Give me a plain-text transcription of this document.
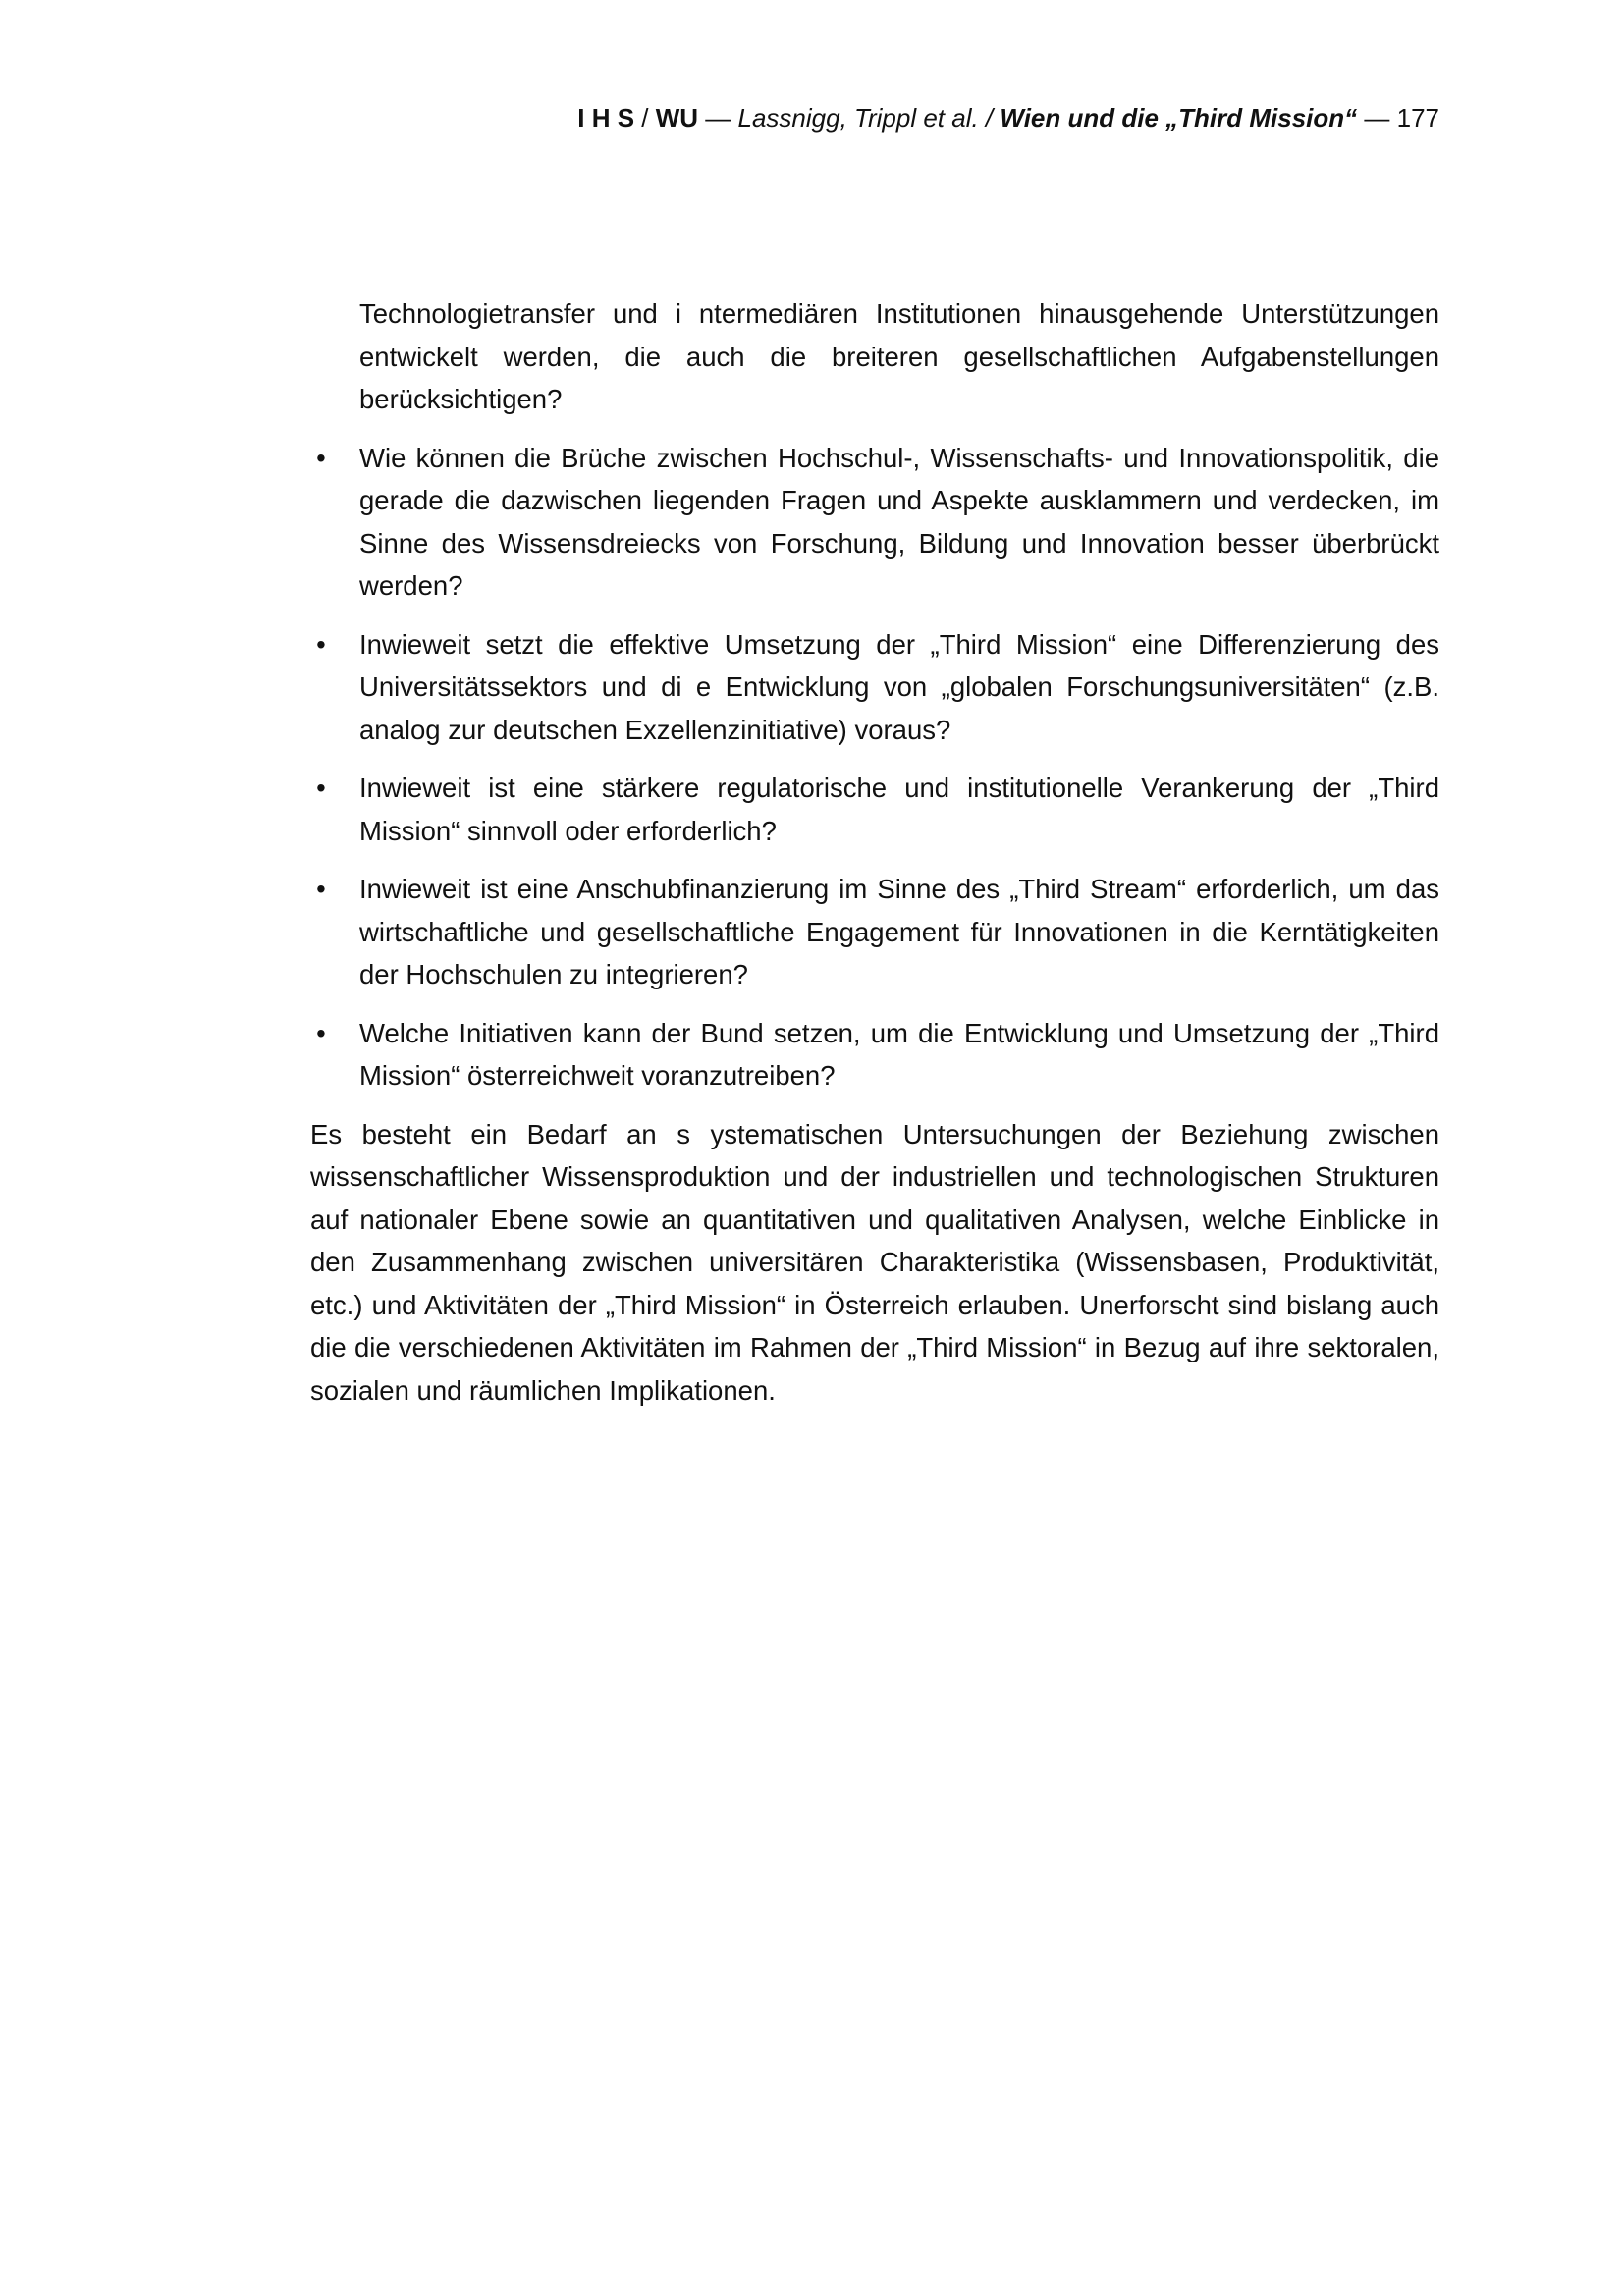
I H S / WU — Lassnigg, Trippl et al. / Wien und die „Third Mission“ — 177

Technologietransfer und i ntermediären Institutionen hinausgehende Unterstützungen entwickelt werden, die auch die breiteren gesellschaftlichen Aufgabenstellungen berücksichtigen?

• Wie können die Brüche zwischen Hochschul-, Wissenschafts- und Innovationspolitik, die gerade die dazwischen liegenden Fragen und Aspekte ausklammern und verdecken, im Sinne des Wissensdreiecks von Forschung, Bildung und Innovation besser überbrückt werden?
• Inwieweit setzt die effektive Umsetzung der „Third Mission“ eine Differenzierung des Universitätssektors und di e Entwicklung von „globalen Forschungsuniversitäten“ (z.B. analog zur deutschen Exzellenzinitiative) voraus?
• Inwieweit ist eine stärkere regulatorische und institutionelle Verankerung der „Third Mission“ sinnvoll oder erforderlich?
• Inwieweit ist eine Anschubfinanzierung im Sinne des „Third Stream“ erforderlich, um das wirtschaftliche und gesellschaftliche Engagement für Innovationen in die Kerntätigkeiten der Hochschulen zu integrieren?
• Welche Initiativen kann der Bund setzen, um die Entwicklung und Umsetzung der „Third Mission“ österreichweit voranzutreiben?

Es besteht ein Bedarf an s ystematischen Untersuchungen der Beziehung zwischen wissenschaftlicher Wissensproduktion und der industriellen und technologischen Strukturen auf nationaler Ebene sowie an quantitativen und qualitativen Analysen, welche Einblicke in den Zusammenhang zwischen universitären Charakteristika (Wissensbasen, Produktivität, etc.) und Aktivitäten der „Third Mission“ in Österreich erlauben. Unerforscht sind bislang auch die die verschiedenen Aktivitäten im Rahmen der „Third Mission“ in Bezug auf ihre sektoralen, sozialen und räumlichen Implikationen.
